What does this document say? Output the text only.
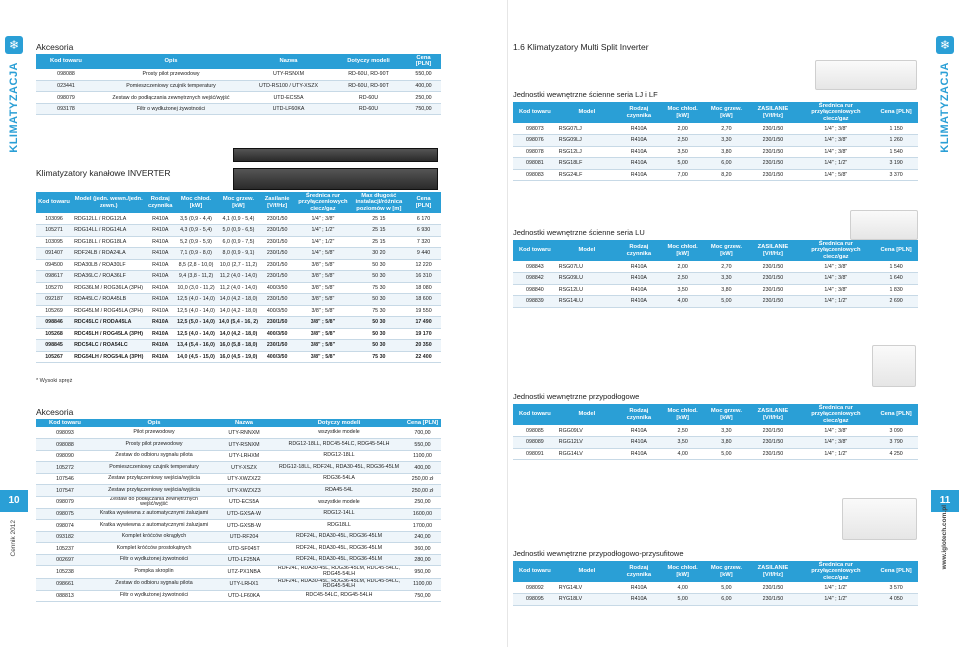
❄
KLIMATYZACJA
10
Cennik 2012
❄
KLIMATYZACJA
11
www.iglotech.com.pl
Akcesoria
Kod towaru	Opis	Nazwa	Dotyczy modeli	Cena [PLN]
098088	Prosty pilot przewodowy	UTY-RSNXM	RD-60U, RD-90T	550,00
023441	Pomieszczeniowy czujnik temperatury	UTD-RS100 / UTY-XSZX	RD-60U, RD-90T	400,00
098079	Zestaw do podłączania zewnętrznych wejść/wyjść	UTD-ECS5A	RD-60U	250,00
093178	Filtr o wydłużonej żywotności	UTD-LF60KA	RD-60U	750,00
Klimatyzatory kanałowe INVERTER
Kod towaru	Model (jedn. wewn./jedn. zewn.)	Rodzaj czynnika	Moc chłod. [kW]	Moc grzew. [kW]	Zasilanie [V/f/Hz]	Średnica rur przyłączeniowych ciecz/gaz	Max długość instalacji/różnica poziomów w [m]	Cena [PLN]
103096	RDG12LL / ROG12LA	R410A	3,5 (0,9 - 4,4)	4,1 (0,9 - 5,4)	230/1/50	1/4" ; 3/8"	25 15	6 170
105271	RDG14LL / ROG14LA	R410A	4,3 (0,9 - 5,4)	5,0 (0,9 - 6,5)	230/1/50	1/4" ; 1/2"	25 15	6 930
103095	RDG18LL / ROG18LA	R410A	5,2 (0,9 - 5,9)	6,0 (0,9 - 7,5)	230/1/50	1/4" ; 1/2"	25 15	7 320
091407	RDF24LB / ROA24LA	R410A	7,1 (0,9 - 8,0)	8,0 (0,9 - 9,1)	230/1/50	1/4" ; 5/8"	30 20	9 440
094500	RDA30LB / ROA30LF	R410A	8,5 (2,8 - 10,0)	10,0 (2,7 - 11,2)	230/1/50	3/8" ; 5/8"	50 30	12 220
098617	RDA36LC / ROA36LF	R410A	9,4 (3,8 - 11,2)	11,2 (4,0 - 14,0)	230/1/50	3/8" ; 5/8"	50 30	16 310
105270	RDG36LM / ROG36LA (3PH)	R410A	10,0 (3,0 - 11,2)	11,2 (4,0 - 14,0)	400/3/50	3/8" ; 5/8"	75 30	18 080
092187	RDA45LC / ROA45LB	R410A	12,5 (4,0 - 14,0)	14,0 (4,2 - 18,0)	230/1/50	3/8" ; 5/8"	50 30	18 600
105269	RDG45LM / ROG45LA (3PH)	R410A	12,5 (4,0 - 14,0)	14,0 (4,2 - 18,0)	400/3/50	3/8" ; 5/8"	75 30	19 550
098846	RDC45LC / RODA45LA	R410A	12,5 (5,0 - 14,0)	14,0 (5,4 - 16, 2)	230/1/50	3/8" ; 5/8"	50 30	17 490
105268	RDC45LH / ROG45LA (3PH)	R410A	12,5 (4,0 - 14,0)	14,0 (4,2 - 18,0)	400/3/50	3/8" ; 5/8"	50 30	19 170
098845	RDC54LC / ROA54LC	R410A	13,4 (5,4 - 16,0)	16,0 (5,8 - 18,0)	230/1/50	3/8" ; 5/8"	50 30	20 350
105267	RDG54LH / ROG54LA (3PH)	R410A	14,0 (4,5 - 15,0)	16,0 (4,5 - 19,0)	400/3/50	3/8" ; 5/8"	75 30	22 400
* Wysoki spręż
Akcesoria
Kod towaru	Opis	Nazwa	Dotyczy modeli	Cena [PLN]
098093	Pilot przewodowy	UTY-RNNXM	wszystkie modele	700,00
098088	Prosty pilot przewodowy	UTY-RSNXM	RDG12-18LL, RDC45-54LC, RDG45-54LH	550,00
098090	Zestaw do odbioru sygnału pilota	UTY-LRHXM	RDG12-18LL	1100,00
105272	Pomieszczeniowy czujnik temperatury	UTY-XSZX	RDG12-18LL, RDF24L, RDA30-45L, RDG36-45LM	400,00
107546	Zestaw przyłączeniowy wejścia/wyjścia	UTY-XWZXZ2	RDG36-54LA	250,00 zł
107547	Zestaw przyłączeniowy wejścia/wyjścia	UTY-XWZXZ3	RDA45-54L	250,00 zł
098079	Zestaw do podłączania zewnętrznych wejść/wyjść	UTD-ECS5A	wszystkie modele	250,00
098075	Kratka wywiewna z automatycznymi żaluzjami	UTD-GXSA-W	RDG12-14LL	1600,00
098074	Kratka wywiewna z automatycznymi żaluzjami	UTD-GXSB-W	RDG18LL	1700,00
093182	Komplet króćców okrągłych	UTD-RF204	RDF24L, RDA30-45L, RDG36-45LM	240,00
105237	Komplet króćców prostokątnych	UTD-SF045T	RDF24L, RDA30-45L, RDG36-45LM	360,00
002697	Filtr o wydłużonej żywotności	UTD-LF25NA	RDF24L, RDA30-45L, RDG36-45LM	280,00
105238	Pompka skroplin	UTZ-PX1NBA	RDF24L, RDA30-45L, RDG36-45LM, RDC45-54LC, RDG45-54LH	950,00
098661	Zestaw do odbioru sygnału pilota	UTY-LRHX1	RDF24L, RDA30-45L, RDG36-45LM, RDC45-54LC, RDG45-54LH	1100,00
088813	Filtr o wydłużonej żywotności	UTD-LF60KA	RDC45-54LC, RDG45-54LH	750,00
1.6 Klimatyzatory Multi Split Inverter
Jednostki wewnętrzne ścienne seria LJ i LF
Kod towaru	Model	Rodzaj czynnika	Moc chłod. [kW]	Moc grzew. [kW]	ZASILANIE [V/f/Hz]	Średnica rur przyłączeniowych ciecz/gaz	Cena [PLN]
098073	RSG07LJ	R410A	2,00	2,70	230/1/50	1/4" ; 3/8"	1 150
098076	RSG09LJ	R410A	2,50	3,30	230/1/50	1/4" ; 3/8"	1 260
098078	RSG12LJ	R410A	3,50	3,80	230/1/50	1/4" ; 3/8"	1 540
098081	RSG18LF	R410A	5,00	6,00	230/1/50	1/4" ; 1/2"	3 190
098083	RSG24LF	R410A	7,00	8,20	230/1/50	1/4" ; 5/8"	3 370
Jednostki wewnętrzne ścienne seria LU
Kod towaru	Model	Rodzaj czynnika	Moc chłod. [kW]	Moc grzew. [kW]	ZASILANIE [V/f/Hz]	Średnica rur przyłączeniowych ciecz/gaz	Cena [PLN]
098843	RSG07LU	R410A	2,00	2,70	230/1/50	1/4" ; 3/8"	1 540
098842	RSG09LU	R410A	2,50	3,30	230/1/50	1/4" ; 3/8"	1 640
098840	RSG12LU	R410A	3,50	3,80	230/1/50	1/4" ; 3/8"	1 830
098839	RSG14LU	R410A	4,00	5,00	230/1/50	1/4" ; 1/2"	2 690
Jednostki wewnętrzne przypodłogowe
Kod towaru	Model	Rodzaj czynnika	Moc chłod. [kW]	Moc grzew. [kW]	ZASILANIE [V/f/Hz]	Średnica rur przyłączeniowych ciecz/gaz	Cena [PLN]
098085	RGG09LV	R410A	2,50	3,30	230/1/50	1/4" ; 3/8"	3 090
098089	RGG12LV	R410A	3,50	3,80	230/1/50	1/4" ; 3/8"	3 790
098091	RGG14LV	R410A	4,00	5,00	230/1/50	1/4" ; 1/2"	4 250
Jednostki wewnętrzne przypodłogowo-przysufitowe
Kod towaru	Model	Rodzaj czynnika	Moc chłod. [kW]	Moc grzew. [kW]	ZASILANIE [V/f/Hz]	Średnica rur przyłączeniowych ciecz/gaz	Cena [PLN]
098092	RYG14LV	R410A	4,00	5,00	230/1/50	1/4" ; 1/2"	3 570
098095	RYG18LV	R410A	5,00	6,00	230/1/50	1/4" ; 1/2"	4 050
